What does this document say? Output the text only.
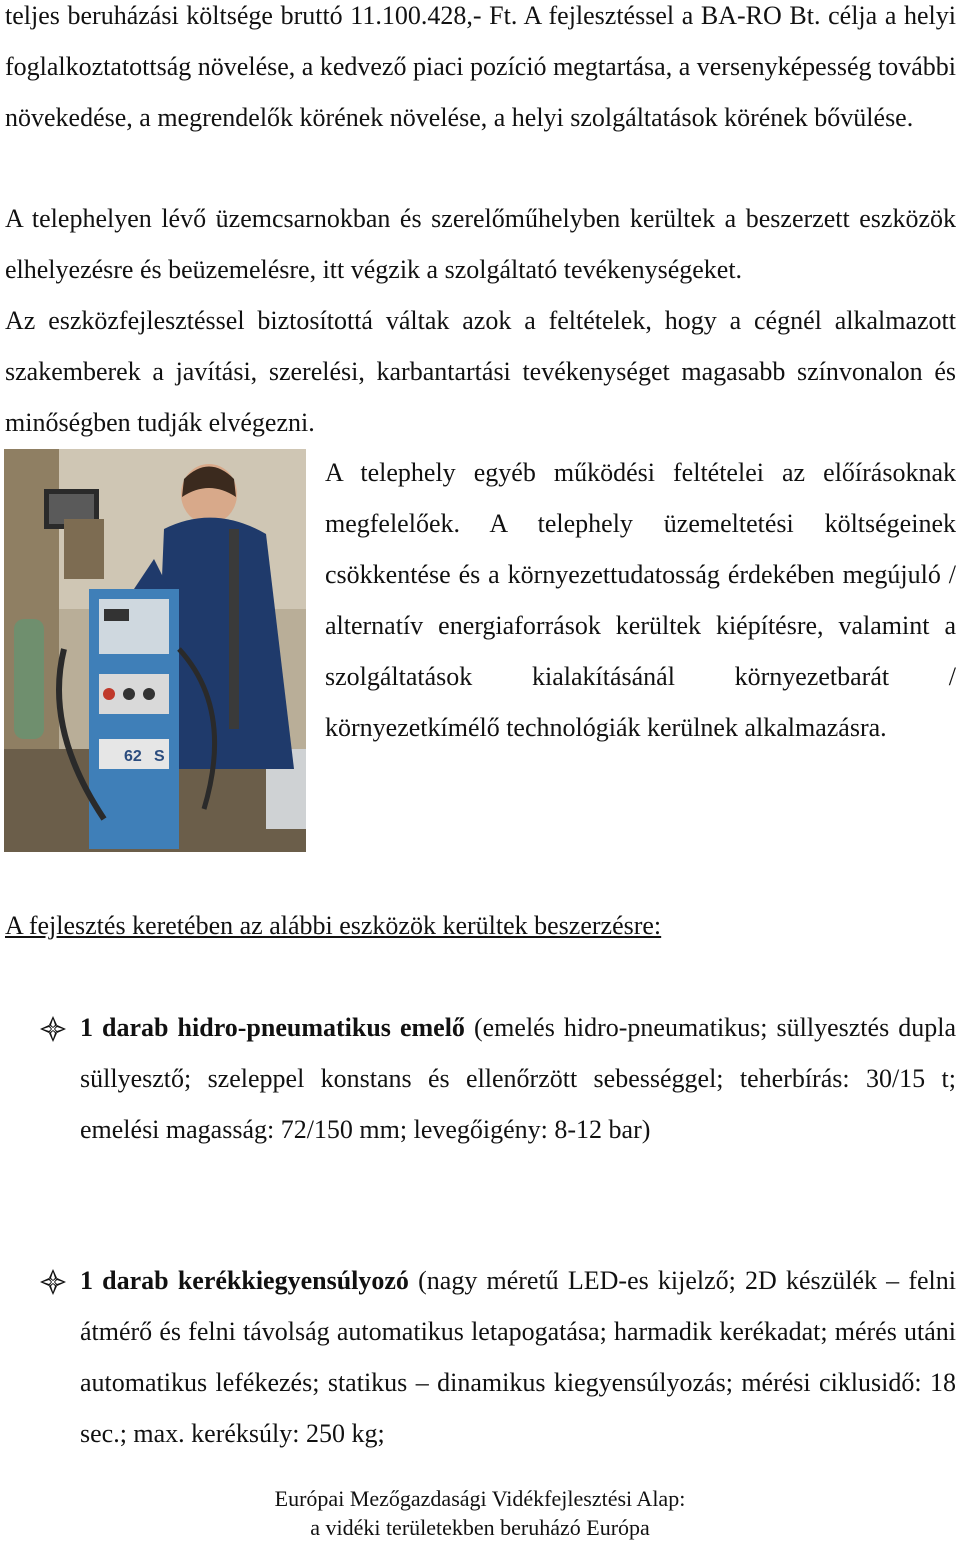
teljes beruházási költsége bruttó 11.100.428,- Ft. A fejlesztéssel a BA-RO Bt. célja a helyi foglalkoztatottság növelése, a kedvező piaci pozíció megtartása, a versenyképesség további növekedése, a megrendelők körének növelése, a helyi szolgáltatások körének bővülése.

A telephelyen lévő üzemcsarnokban és szerelőműhelyben kerültek a beszerzett eszközök elhelyezésre és beüzemelésre, itt végzik a szolgáltató tevékenységeket.

Az eszközfejlesztéssel biztosítottá váltak azok a feltételek, hogy a cégnél alkalmazott szakemberek a javítási, szerelési, karbantartási tevékenységet magasabb színvonalon és minőségben tudják elvégezni.

62 S

A telephely egyéb működési feltételei az előírásoknak megfelelőek. A telephely üzemeltetési költségeinek csökkentése és a környezettudatosság érdekében megújuló / alternatív energiaforrások kerültek kiépítésre, valamint a szolgáltatások kialakításánál környezetbarát / környezetkímélő technológiák kerülnek alkalmazásra.

A fejlesztés keretében az alábbi eszközök kerültek beszerzésre:

1 darab hidro-pneumatikus emelő (emelés hidro-pneumatikus; süllyesztés dupla süllyesztő; szeleppel konstans és ellenőrzött sebességgel; teherbírás: 30/15 t; emelési magasság: 72/150 mm; levegőigény: 8-12 bar)

1 darab kerékkiegyensúlyozó (nagy méretű LED-es kijelző; 2D készülék – felni átmérő és felni távolság automatikus letapogatása; harmadik kerékadat; mérés utáni automatikus lefékezés; statikus – dinamikus kiegyensúlyozás; mérési ciklusidő: 18 sec.; max. keréksúly: 250 kg;

Európai Mezőgazdasági Vidékfejlesztési Alap:
a vidéki területekben beruházó Európa
